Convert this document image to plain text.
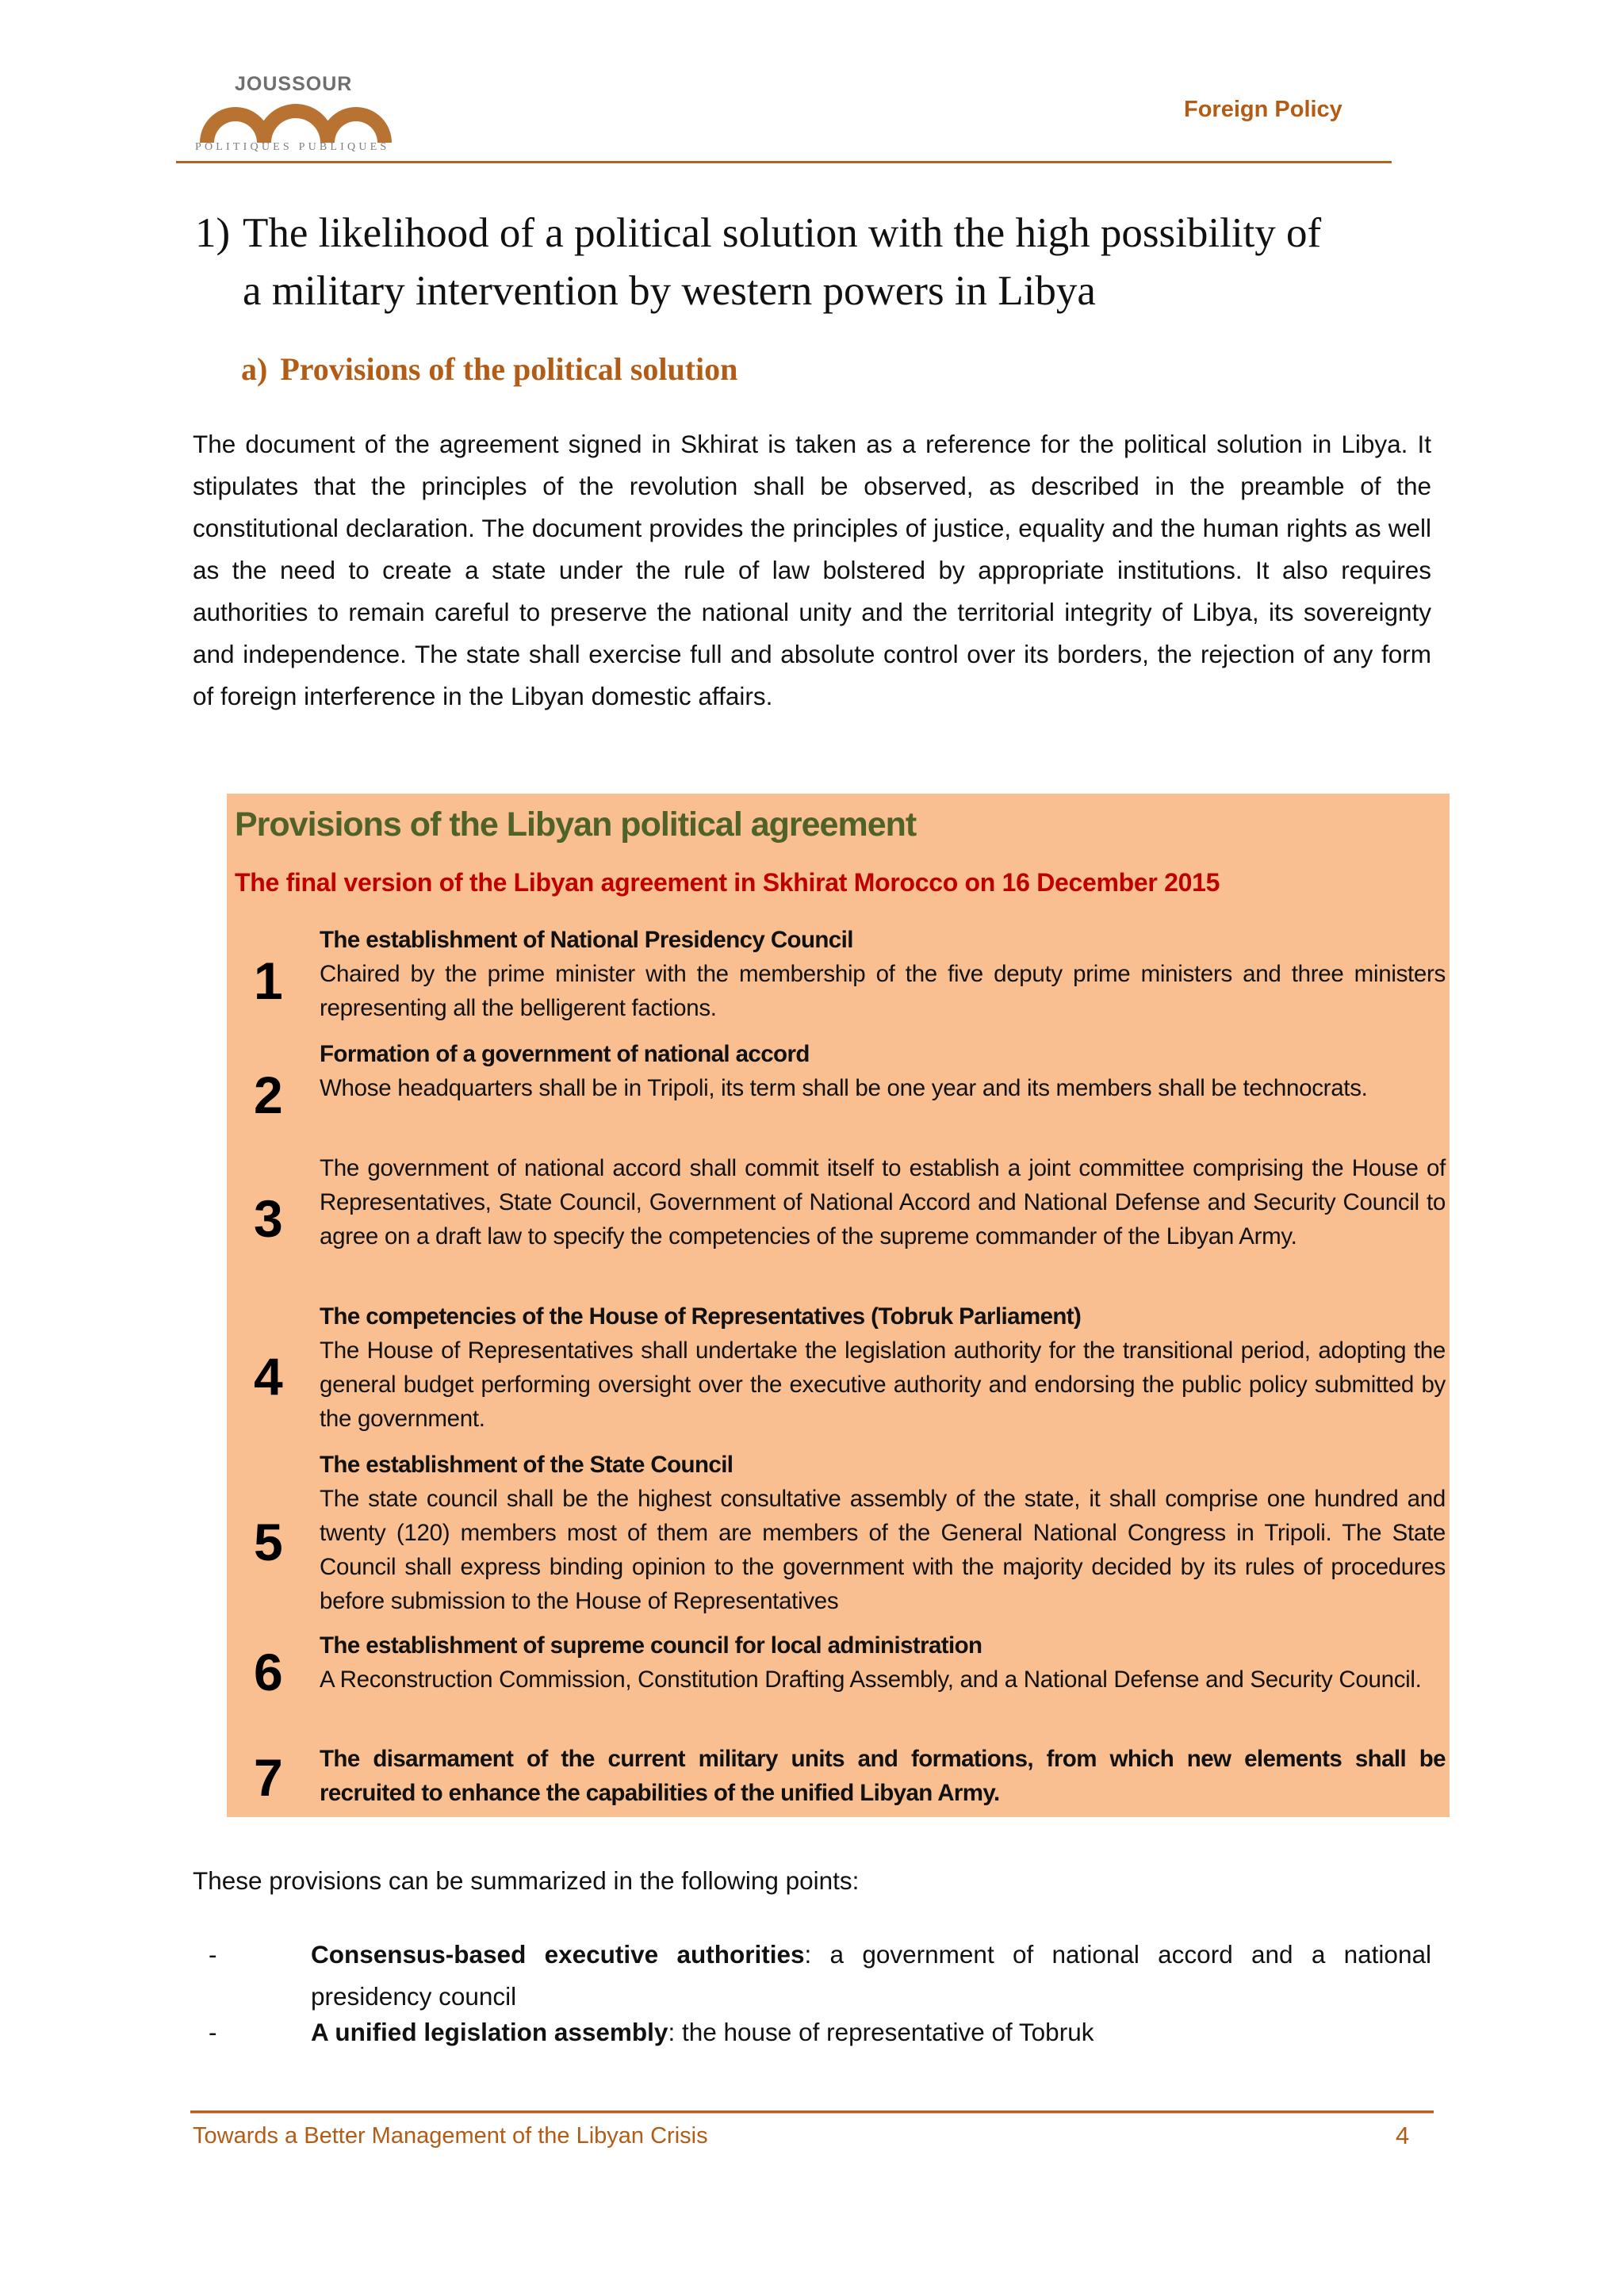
JOUSSOUR
POLITIQUES PUBLIQUES
Foreign Policy
1) The likelihood of a political solution with the high possibility of
a military intervention by western powers in Libya
a) Provisions of the political solution

The document of the agreement signed in Skhirat is taken as a reference for the political solution in Libya. It stipulates that the principles of the revolution shall be observed, as described in the preamble of the constitutional declaration. The document provides the principles of justice, equality and the human rights as well as the need to create a state under the rule of law bolstered by appropriate institutions. It also requires authorities to remain careful to preserve the national unity and the territorial integrity of Libya, its sovereignty and independence. The state shall exercise full and absolute control over its borders, the rejection of any form of foreign interference in the Libyan domestic affairs.

Provisions of the Libyan political agreement
The final version of the Libyan agreement in Skhirat Morocco on 16 December 2015
1
The establishment of National Presidency Council
Chaired by the prime minister with the membership of the five deputy prime ministers and three ministers representing all the belligerent factions.
2
Formation of a government of national accord
Whose headquarters shall be in Tripoli, its term shall be one year and its members shall be technocrats.
3
The government of national accord shall commit itself to establish a joint committee comprising the House of Representatives, State Council, Government of National Accord and National Defense and Security Council to agree on a draft law to specify the competencies of the supreme commander of the Libyan Army.
4
The competencies of the House of Representatives (Tobruk Parliament)
The House of Representatives shall undertake the legislation authority for the transitional period, adopting the general budget performing oversight over the executive authority and endorsing the public policy submitted by the government.
5
The establishment of the State Council
The state council shall be the highest consultative assembly of the state, it shall comprise one hundred and twenty (120) members most of them are members of the General National Congress in Tripoli. The State Council shall express binding opinion to the government with the majority decided by its rules of procedures before submission to the House of Representatives
6 The establishment of supreme council for local administration
A Reconstruction Commission, Constitution Drafting Assembly, and a National Defense and Security Council.
7 The disarmament of the current military units and formations, from which new elements shall be recruited to enhance the capabilities of the unified Libyan Army.

These provisions can be summarized in the following points:

-	Consensus-based executive authorities: a government of national accord and a national presidency council
-	A unified legislation assembly: the house of representative of Tobruk
Towards a Better Management of the Libyan Crisis	4
